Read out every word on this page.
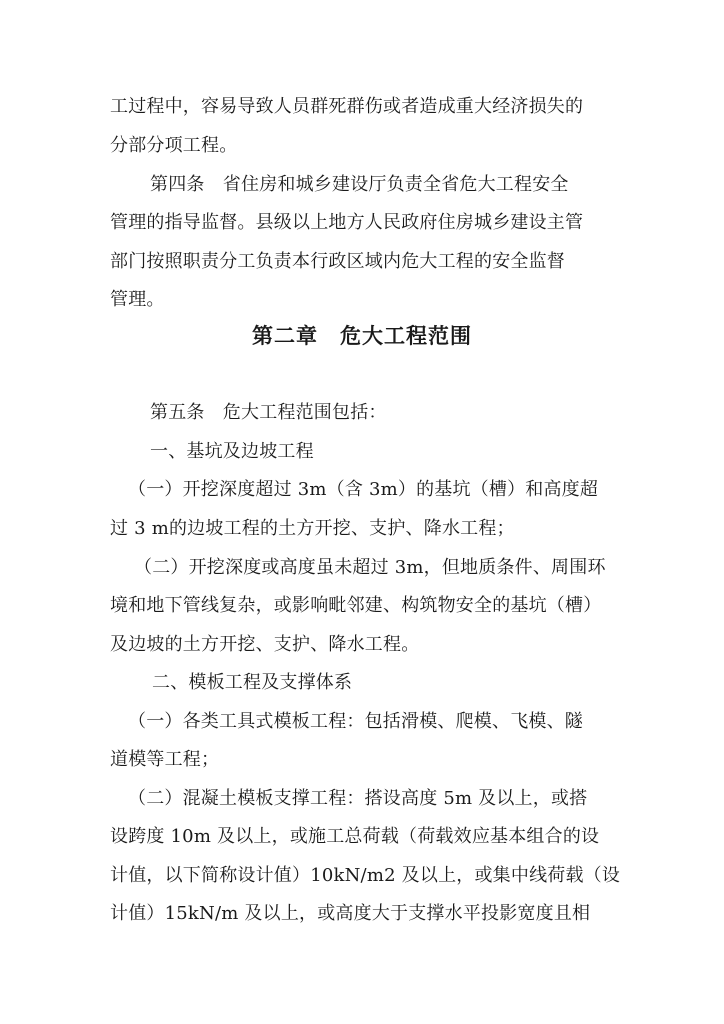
工过程中，容易导致人员群死群伤或者造成重大经济损失的
分部分项工程。
第四条　省住房和城乡建设厅负责全省危大工程安全
管理的指导监督。县级以上地方人民政府住房城乡建设主管
部门按照职责分工负责本行政区域内危大工程的安全监督
管理。
第二章　危大工程范围
第五条　危大工程范围包括：
一、基坑及边坡工程
（一）开挖深度超过 3m（含 3m）的基坑（槽）和高度超
过 3 m的边坡工程的土方开挖、支护、降水工程；
（二）开挖深度或高度虽未超过 3m，但地质条件、周围环
境和地下管线复杂，或影响毗邻建、构筑物安全的基坑（槽）
及边坡的土方开挖、支护、降水工程。
二、模板工程及支撑体系
（一）各类工具式模板工程：包括滑模、爬模、飞模、隧
道模等工程；
（二）混凝土模板支撑工程：搭设高度 5m 及以上，或搭
设跨度 10m 及以上，或施工总荷载（荷载效应基本组合的设
计值，以下简称设计值）10kN/m2 及以上，或集中线荷载（设
计值）15kN/m 及以上，或高度大于支撑水平投影宽度且相
